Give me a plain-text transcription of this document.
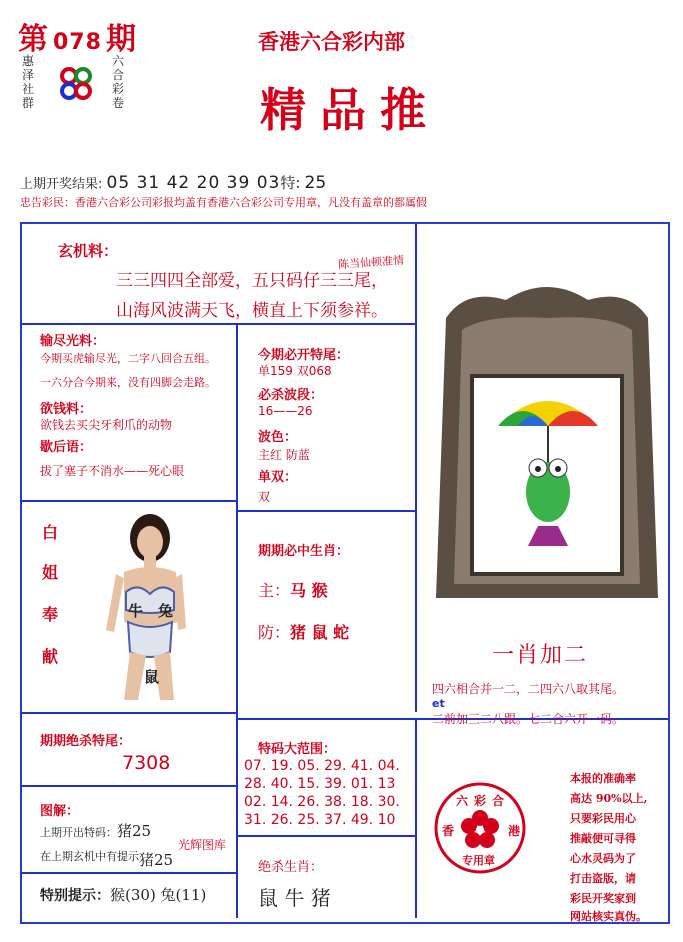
第 078 期
惠泽社群
六合彩卷
香港六合彩内部
精品推
上期开奖结果: 05 31 42 20 39 03特: 25
忠告彩民：香港六合彩公司彩报均盖有香港六合彩公司专用章，凡没有盖章的都属假
玄机料：
陈当仙顿准情
三三四四全部爱，五只码仔三三尾，
山海风波满天飞，横直上下须参祥。
输尽光料：
今期买虎输尽光，二字八回合五组。
一六分合今期来，没有四脚会走路。
欲钱料：
欲钱去买尖牙利爪的动物
歇后语：
拔了塞子不消水——死心眼
今期必开特尾：
单159 双068
必杀波段：
16——26
波色：
主红 防蓝
单双：
双
白
姐
奉
献
牛 兔
鼠
期期必中生肖：
主：马 猴
防：猪 鼠 蛇
一肖加二
四六相合并一二，二四六八取其尾。
et
二前加三二八跟。七二合六开一码。
期期绝杀特尾：
7308
特码大范围：
07. 19. 05. 29. 41. 04.
28. 40. 15. 39. 01. 13
02. 14. 26. 38. 18. 30.
31. 26. 25. 37. 49. 10
图解：
上期开出特码：猪25
在上期玄机中有提示猪25
光辉图库
特别提示：猴(30) 兔(11)
绝杀生肖：
鼠 牛 猪
六彩合
香	港
专用章
本报的准确率
高达 90%以上,
只要彩民用心
推敲便可寻得
心水灵码为了
打击盗版，请
彩民开奖家到
网站核实真伪。
